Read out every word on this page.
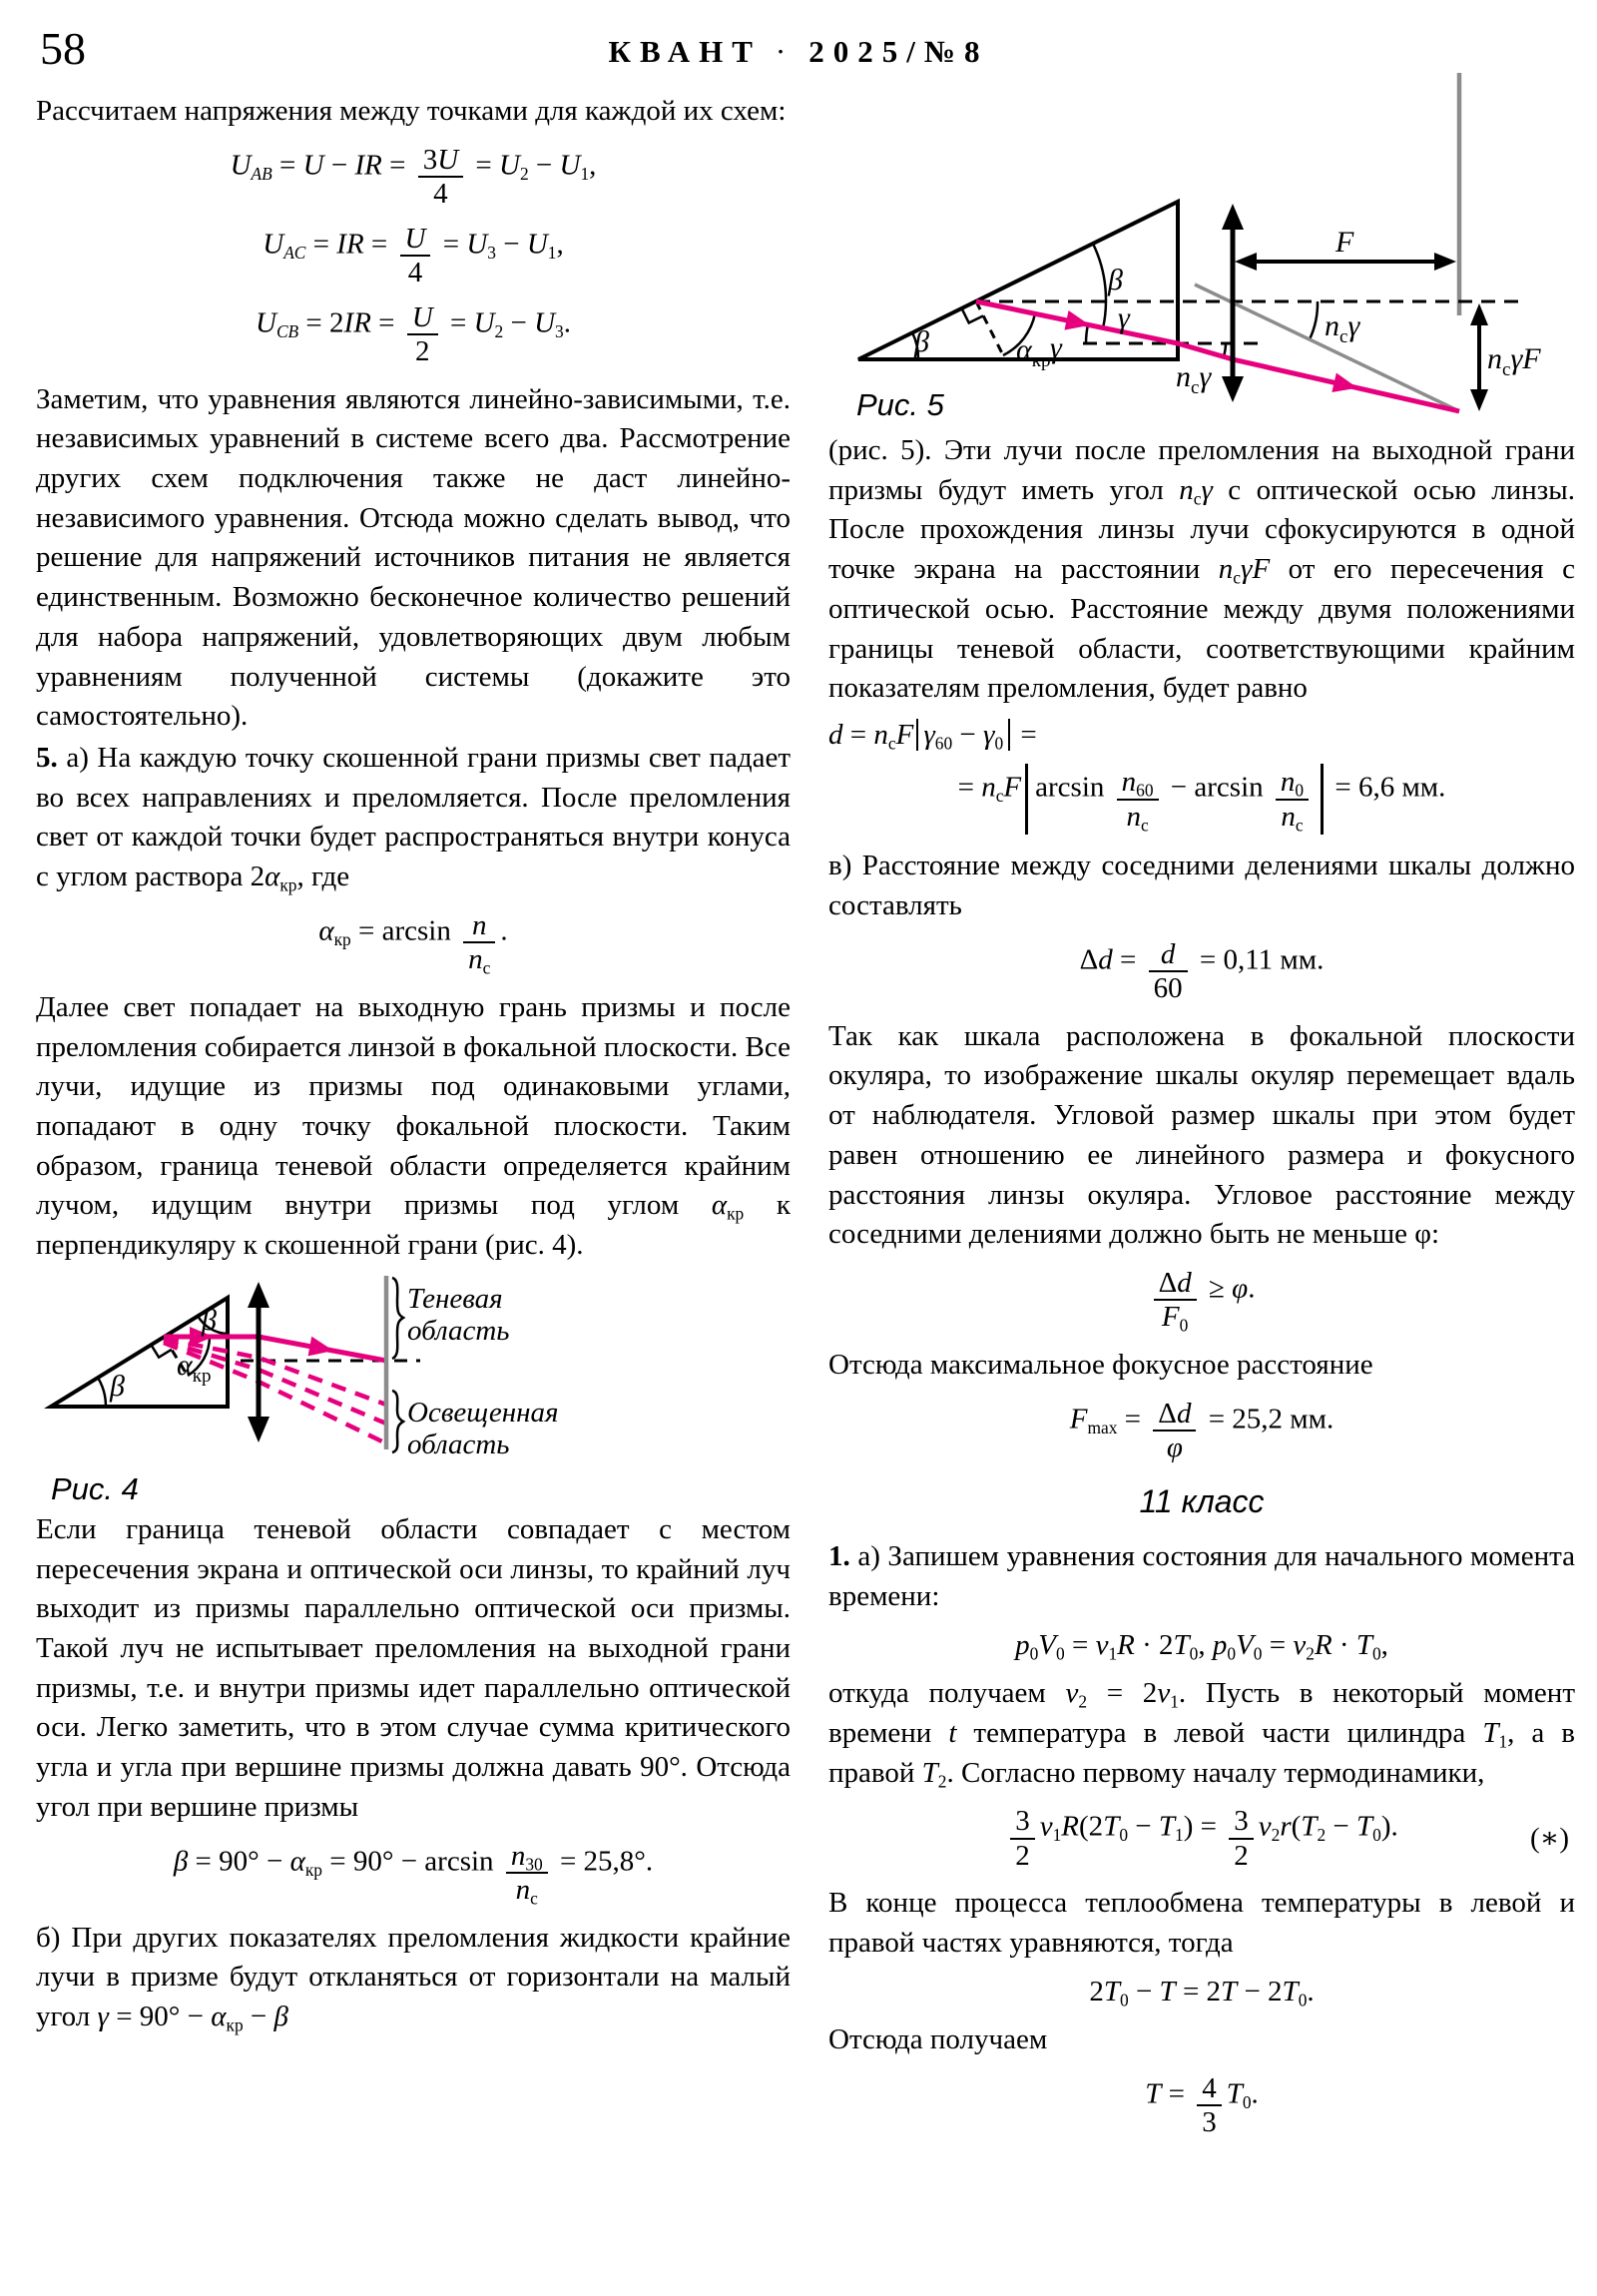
58	КВАНТ · 2025/№8

Рассчитаем напряжения между точками для каждой их схем:

$U_{AB} = U$ − IR = $\frac{3U}{4} = U_2 - U_1$,
$U_{AC}$ = IR = $\frac{U}{4} = U_3 - U_1$,
$U_{CB} = 2IR = \frac{U}{2} = U_2 - U_3$.

Заметим, что уравнения являются линейно-зависимыми, т.е. независимых уравнений в системе всего два. Рассмотрение других схем подключения также не даст линейно-независимого уравнения. Отсюда можно сделать вывод, что решение для напряжений источников питания не является единственным. Возможно бесконечное количество решений для набора напряжений, удовлетворяющих двум любым уравнениям полученной системы (докажите это самостоятельно).

5. а) На каждую точку скошенной грани призмы свет падает во всех направлениях и преломляется. После преломления свет от каждой точки будет распространяться внутри конуса с углом раствора $2\alpha_{кр}$, где

$\alpha_{кр} = \arcsin \frac{n}{n_с}$ .

Далее свет попадает на выходную грань призмы и после преломления собирается линзой в фокальной плоскости. Все лучи, идущие из призмы под одинаковыми углами, попадают в одну точку фокальной плоскости. Таким образом, граница теневой области определяется крайним лучом, идущим внутри призмы под углом $\alpha_{кр}$ к перпендикуляру к скошенной грани (рис. 4).

β
β
$\alpha_{кр}$
Теневая
область
Освещенная
область
Рис. 4

Если граница теневой области совпадает с местом пересечения экрана и оптической оси линзы, то крайний луч выходит из призмы параллельно оптической оси призмы. Такой луч не испытывает преломления на выходной грани призмы, т.е. и внутри призмы идет параллельно оптической оси. Легко заметить, что в этом случае сумма критического угла и угла при вершине призмы должна давать 90°. Отсюда угол при вершине призмы

$\beta = 90^\circ - \alpha_{кр} = 90^\circ - \arcsin \frac{n_{30}}{n_с} = 25,8^\circ$.

б) При других показателях преломления жидкости крайние лучи в призме будут откланяться от горизонтали на малый угол $\gamma = 90^\circ - \alpha_{кр} - \beta$

β
β
$\alpha_{кр}$
γ
γ
$n_с\gamma$
$n_с\gamma$
F
$n_с\gamma F$
Рис. 5

(рис. 5). Эти лучи после преломления на выходной грани призмы будут иметь угол $n_с\gamma$ с оптической осью линзы. После прохождения линзы лучи сфокусируются в одной точке экрана на расстоянии $n_с\gamma F$ от его пересечения с оптической осью. Расстояние между двумя положениями границы теневой области, соответствующими крайним показателям преломления, будет равно

$d = n_сF$ $\gamma_{60} - \gamma_0$ =
= $n_сF$ $\arcsin \frac{n_{60}}{n_с} - \arcsin \frac{n_0}{n_с} = 6,6$ мм.

в) Расстояние между соседними делениями шкалы должно составлять

$\Delta d = \frac{d}{60} = 0,11$ мм.

Так как шкала расположена в фокальной плоскости окуляра, то изображение шкалы окуляр перемещает вдаль от наблюдателя. Угловой размер шкалы при этом будет равен отношению ее линейного размера и фокусного расстояния линзы окуляра. Угловое расстояние между соседними делениями должно быть не меньше φ:

$\frac{\Delta d}{F_0} \ge \varphi$.

Отсюда максимальное фокусное расстояние

$F_{max} = \frac{\Delta d}{\varphi} = 25,2$ мм.
11 класс

1. а) Запишем уравнения состояния для начального момента времени:

$p_0V_0 = \nu_1R \cdot 2T_0$, $p_0V_0 = \nu_2R \cdot T_0$,

откуда получаем $\nu_2 = 2\nu_1$. Пусть в некоторый момент времени t температура в левой части цилиндра $T_1$, а в правой $T_2$. Согласно первому началу термодинамики,

$\frac{3}{2} \nu_1R(2T_0 - T_1) = \frac{3}{2} \nu_2r(T_2 - T_0)$.	(∗)

В конце процесса теплообмена температуры в левой и правой частях уравняются, тогда

$2T_0 - T = 2T - 2T_0$.

Отсюда получаем

$T = \frac{4}{3} T_0$.
